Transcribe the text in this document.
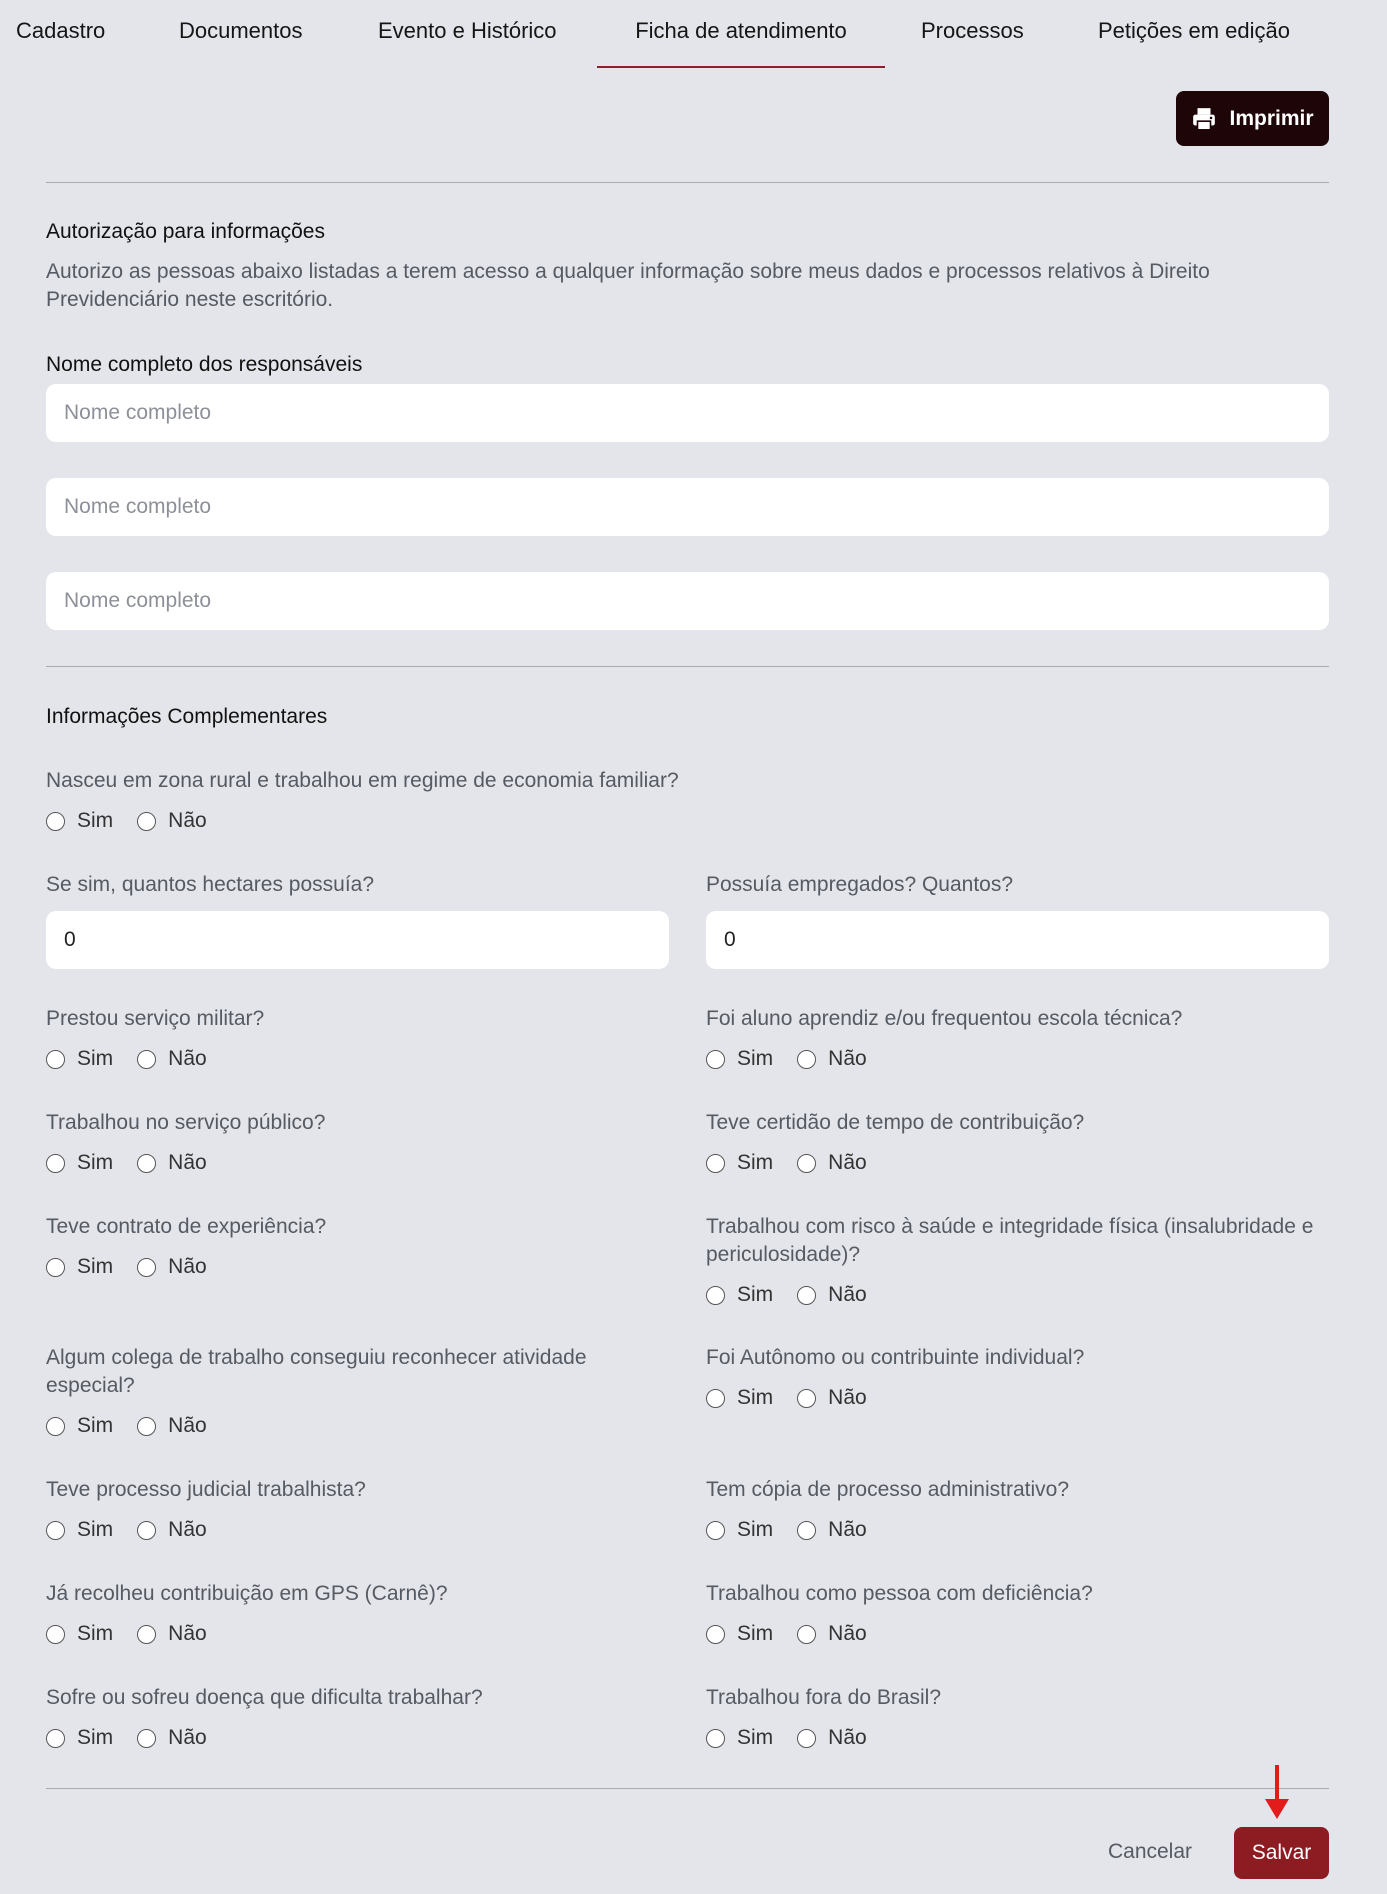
Cadastro	Documentos	Evento e Histórico	Ficha de atendimento	Processos	Petições em edição
Imprimir
Autorização para informações
Autorizo as pessoas abaixo listadas a terem acesso a qualquer informação sobre meus dados e processos relativos à Direito Previdenciário neste escritório.
Nome completo dos responsáveis
Nome completo
Nome completo
Nome completo
Informações Complementares
Nasceu em zona rural e trabalhou em regime de economia familiar?
Sim	Não
Se sim, quantos hectares possuía?	Possuía empregados? Quantos?
0
0
Prestou serviço militar?
Sim	Não
Foi aluno aprendiz e/ou frequentou escola técnica?
Sim	Não
Trabalhou no serviço público?
Sim	Não
Teve certidão de tempo de contribuição?
Sim	Não
Teve contrato de experiência?
Sim	Não
Trabalhou com risco à saúde e integridade física (insalubridade e periculosidade)?
Sim	Não
Algum colega de trabalho conseguiu reconhecer atividade especial?
Sim	Não
Foi Autônomo ou contribuinte individual?
Sim	Não
Teve processo judicial trabalhista?
Sim	Não
Tem cópia de processo administrativo?
Sim	Não
Já recolheu contribuição em GPS (Carnê)?
Sim	Não
Trabalhou como pessoa com deficiência?
Sim	Não
Sofre ou sofreu doença que dificulta trabalhar?
Sim	Não
Trabalhou fora do Brasil?
Sim	Não
Cancelar	Salvar
